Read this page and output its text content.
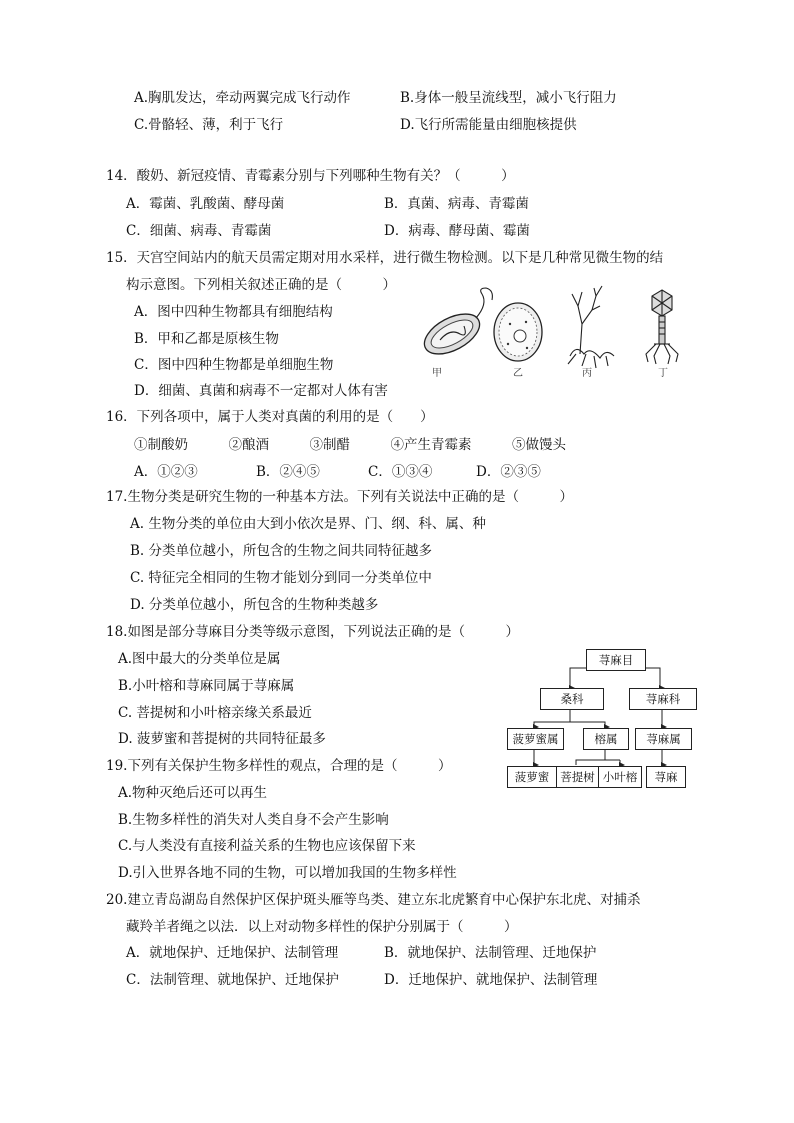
A.胸肌发达，牵动两翼完成飞行动作	B.身体一般呈流线型，减小飞行阻力
C.骨骼轻、薄，利于飞行	D.飞行所需能量由细胞核提供
14．酸奶、新冠疫情、青霉素分别与下列哪种生物有关？（　　　）
A．霉菌、乳酸菌、酵母菌	B．真菌、病毒、青霉菌
C．细菌、病毒、青霉菌	D．病毒、酵母菌、霉菌
15．天宫空间站内的航天员需定期对用水采样，进行微生物检测。以下是几种常见微生物的结
构示意图。下列相关叙述正确的是（　　　）
A．图中四种生物都具有细胞结构
B．甲和乙都是原核生物
C．图中四种生物都是单细胞生物
D．细菌、真菌和病毒不一定都对人体有害
甲	乙	丙	丁
16．下列各项中，属于人类对真菌的利用的是（　　）
①制酸奶　　　②酿酒　　　③制醋　　　④产生青霉素　　　⑤做馒头
A．①②③	B．②④⑤	C．①③④	D．②③⑤
17.生物分类是研究生物的一种基本方法。下列有关说法中正确的是（　　　）
A. 生物分类的单位由大到小依次是界、门、纲、科、属、种
B. 分类单位越小，所包含的生物之间共同特征越多
C. 特征完全相同的生物才能划分到同一分类单位中
D. 分类单位越小，所包含的生物种类越多
18.如图是部分荨麻目分类等级示意图，下列说法正确的是（　　　）
A.图中最大的分类单位是属
B.小叶榕和荨麻同属于荨麻属
C. 菩提树和小叶榕亲缘关系最近
D. 菠萝蜜和菩提树的共同特征最多
荨麻目
桑科	荨麻科
菠萝蜜属	榕属	荨麻属
菠萝蜜 菩提树 小叶榕	荨麻
19.下列有关保护生物多样性的观点，合理的是（　　　）
A.物种灭绝后还可以再生
B.生物多样性的消失对人类自身不会产生影响
C.与人类没有直接利益关系的生物也应该保留下来
D.引入世界各地不同的生物，可以增加我国的生物多样性
20.建立青岛湖岛自然保护区保护斑头雁等鸟类、建立东北虎繁育中心保护东北虎、对捕杀
藏羚羊者绳之以法．以上对动物多样性的保护分别属于（　　　）
A．就地保护、迁地保护、法制管理	B．就地保护、法制管理、迁地保护
C．法制管理、就地保护、迁地保护	D．迁地保护、就地保护、法制管理
